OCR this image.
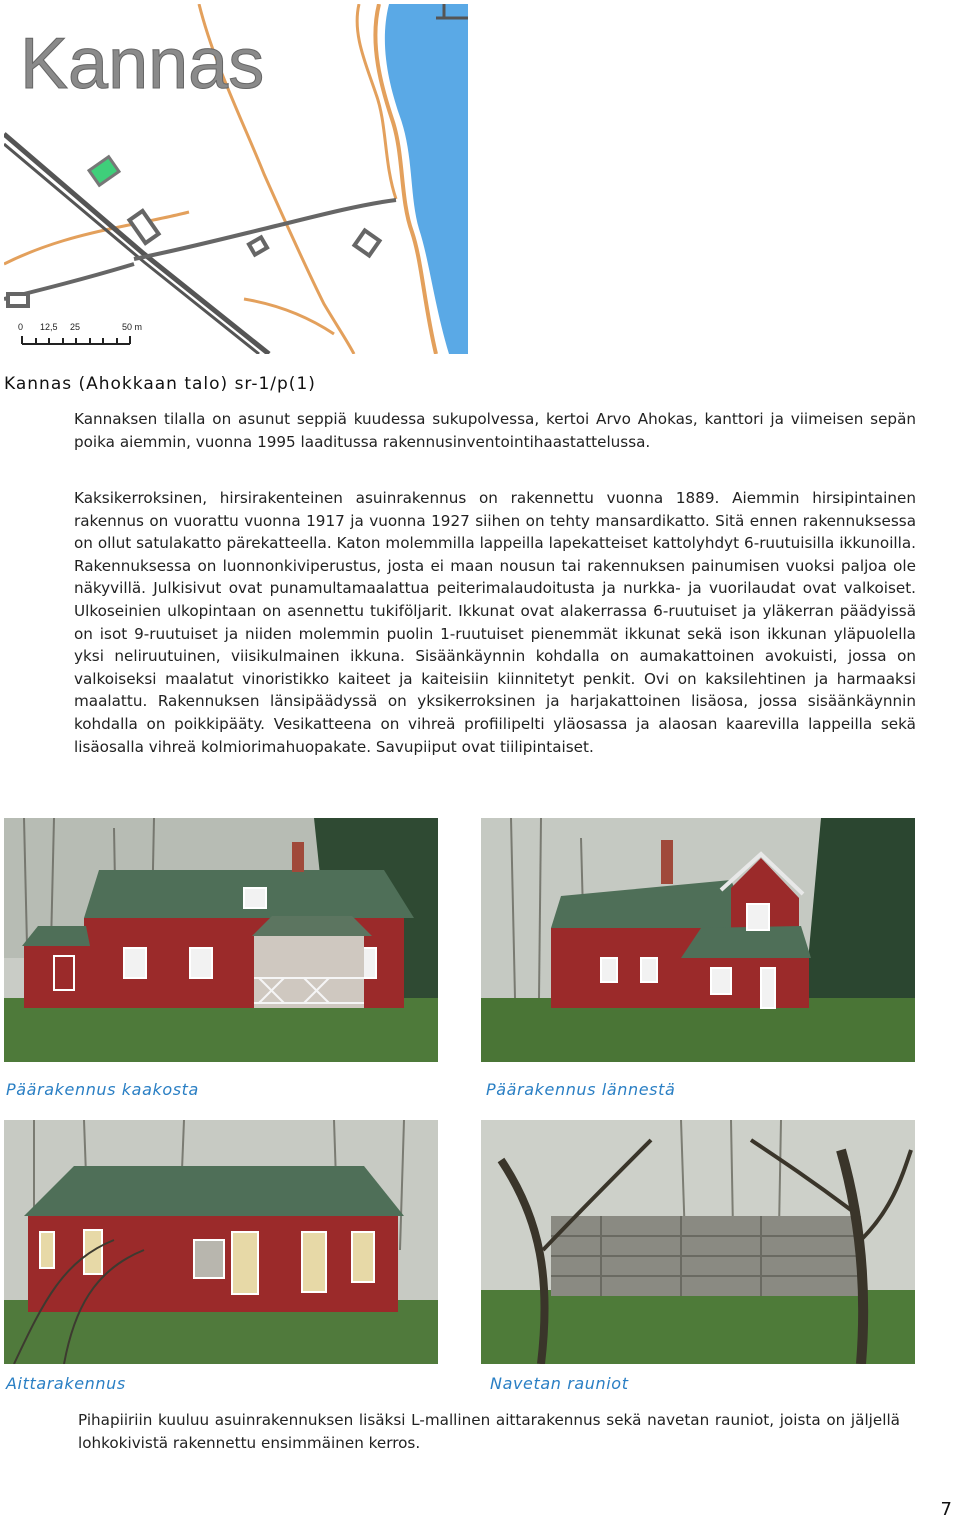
Kannas
0 12,5 25	50 m
Kannas (Ahokkaan talo) sr-1/p(1)

Kannaksen tilalla on asunut seppiä kuudessa sukupolvessa, kertoi Arvo Ahokas, kanttori ja viimeisen sepän poika aiemmin, vuonna 1995 laaditussa rakennusinventointihaastattelussa.

Kaksikerroksinen, hirsirakenteinen asuinrakennus on rakennettu vuonna 1889. Aiemmin hirsipintainen rakennus on vuorattu vuonna 1917 ja vuonna 1927 siihen on tehty mansardikatto. Sitä ennen rakennuksessa on ollut satulakatto pärekatteella. Katon molemmilla lappeilla lapekatteiset kattolyhdyt 6-ruutuisilla ikkunoilla. Rakennuksessa on luonnonkiviperustus, josta ei maan nousun tai rakennuksen painumisen vuoksi paljoa ole näkyvillä. Julkisivut ovat punamultamaalattua peiterimalaudoitusta ja nurkka- ja vuorilaudat ovat valkoiset. Ulkoseinien ulkopintaan on asennettu tukiföljarit. Ikkunat ovat alakerrassa 6-ruutuiset ja yläkerran päädyissä on isot 9-ruutuiset ja niiden molemmin puolin 1-ruutuiset pienemmät ikkunat sekä ison ikkunan yläpuolella yksi neliruutuinen, viisikulmainen ikkuna. Sisäänkäynnin kohdalla on aumakattoinen avokuisti, jossa on valkoiseksi maalatut vinoristikko kaiteet ja kaiteisiin kiinnitetyt penkit. Ovi on kaksilehtinen ja harmaaksi maalattu. Rakennuksen länsipäädyssä on yksikerroksinen ja harjakattoinen lisäosa, jossa sisäänkäynnin kohdalla on poikkipääty. Vesikatteena on vihreä profiilipelti yläosassa ja alaosan kaarevilla lappeilla sekä lisäosalla vihreä kolmiorimahuopakate. Savupiiput ovat tiilipintaiset.

Päärakennus kaakosta	Päärakennus lännestä
Aittarakennus	Navetan rauniot

Pihapiiriin kuuluu asuinrakennuksen lisäksi L-mallinen aittarakennus sekä navetan rauniot, joista on jäljellä lohkokivistä rakennettu ensimmäinen kerros.

7
